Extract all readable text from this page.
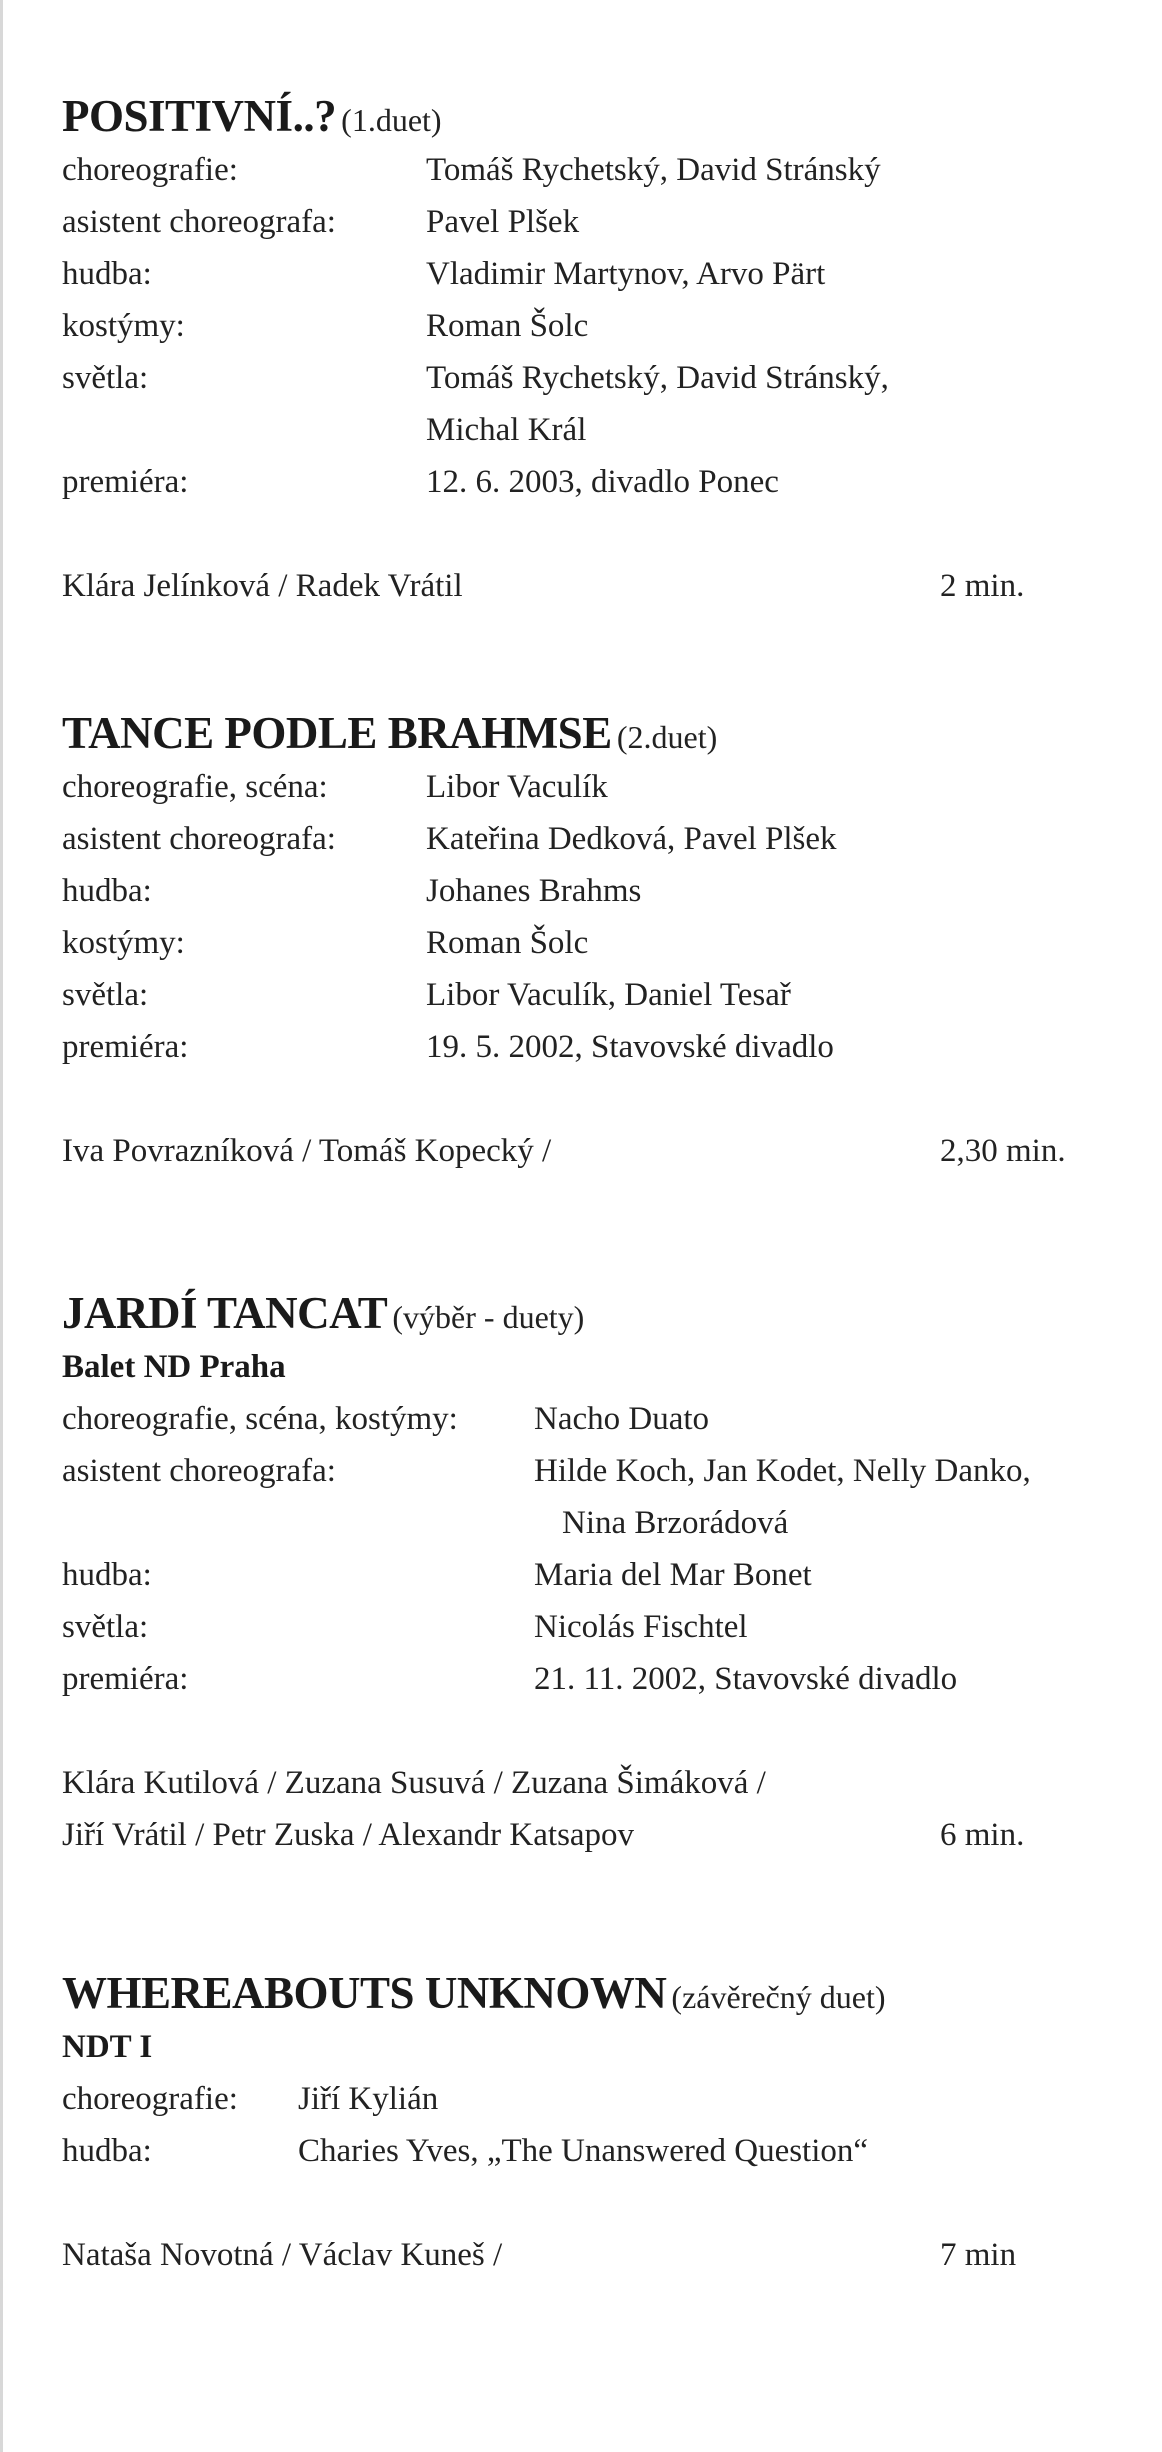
POSITIVNÍ..? (1.duet)
choreografie:	Tomáš Rychetský, David Stránský
asistent choreografa:	Pavel Plšek
hudba:	Vladimir Martynov, Arvo Pärt
kostýmy:	Roman Šolc
světla:	Tomáš Rychetský, David Stránský,
Michal Král
premiéra:	12. 6. 2003, divadlo Ponec
Klára Jelínková / Radek Vrátil	2 min.
TANCE PODLE BRAHMSE (2.duet)
choreografie, scéna:	Libor Vaculík
asistent choreografa:	Kateřina Dedková, Pavel Plšek
hudba:	Johanes Brahms
kostýmy:	Roman Šolc
světla:	Libor Vaculík, Daniel Tesař
premiéra:	19. 5. 2002, Stavovské divadlo
Iva Povrazníková / Tomáš Kopecký /	2,30 min.
JARDÍ TANCAT (výběr - duety)
Balet ND Praha
choreografie, scéna, kostýmy: Nacho Duato
asistent choreografa:	Hilde Koch, Jan Kodet, Nelly Danko,
Nina Brzorádová
hudba:	Maria del Mar Bonet
světla:	Nicolás Fischtel
premiéra:	21. 11. 2002, Stavovské divadlo
Klára Kutilová / Zuzana Susuvá / Zuzana Šimáková /
Jiří Vrátil / Petr Zuska / Alexandr Katsapov	6 min.
WHEREABOUTS UNKNOWN (závěrečný duet)
NDT I
choreografie: Jiří Kylián
hudba:	Charies Yves, „The Unanswered Question“
Nataša Novotná / Václav Kuneš /	7 min
